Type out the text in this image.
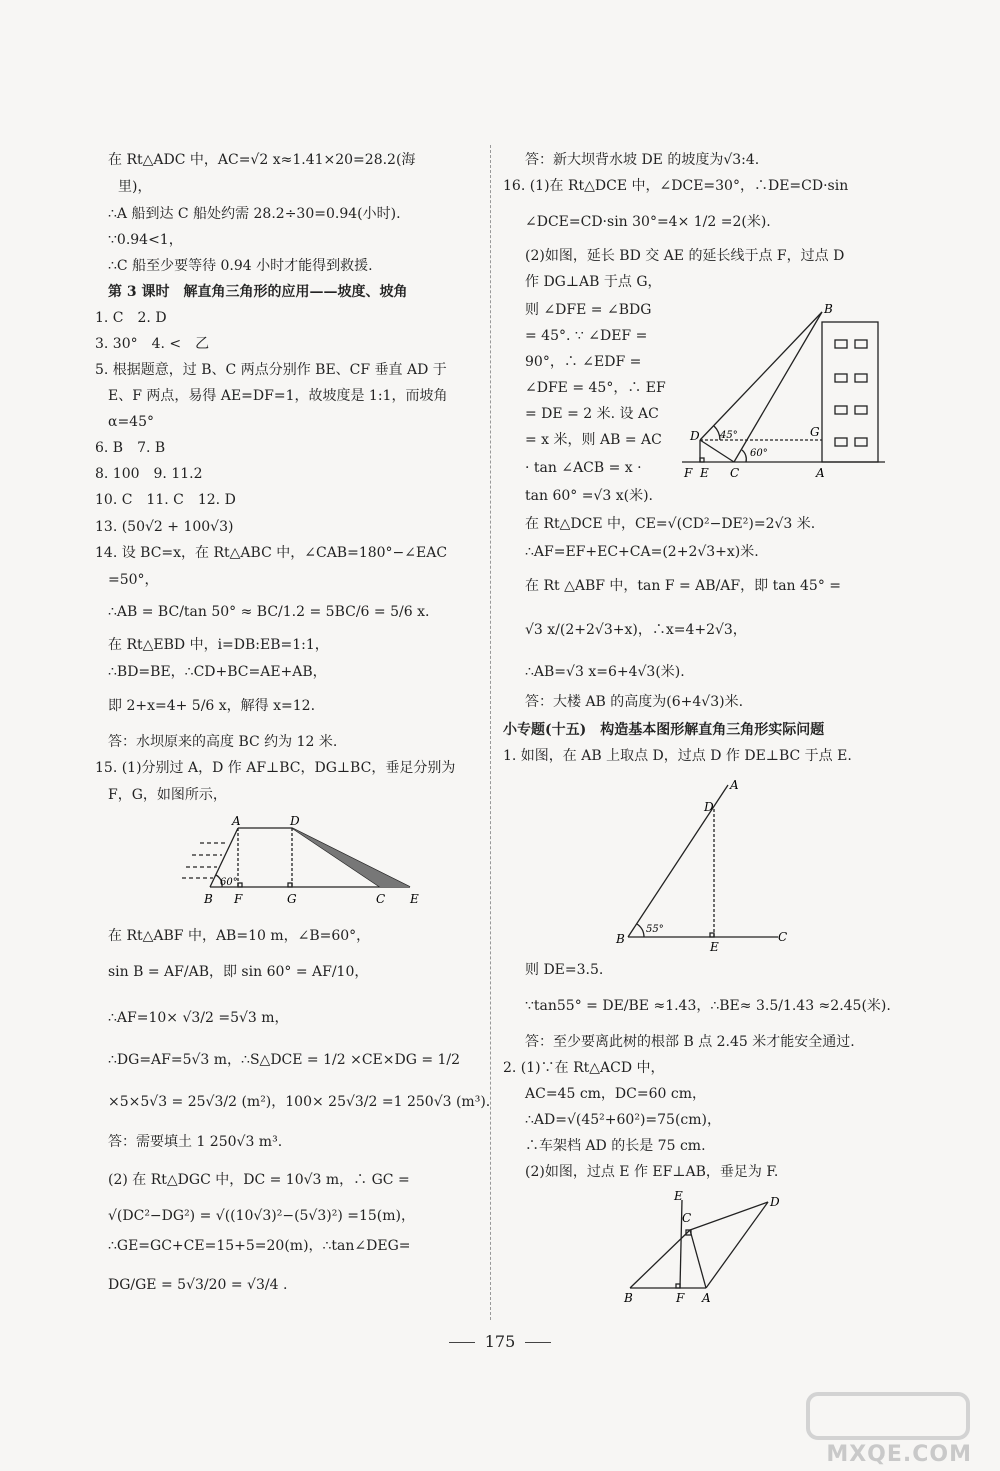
在 Rt△ADC 中，AC=√2 x≈1.41×20=28.2(海
里)，
∴A 船到达 C 船处约需 28.2÷30=0.94(小时).
∵0.94<1，
∴C 船至少要等待 0.94 小时才能得到救援.
第 3 课时　解直角三角形的应用——坡度、坡角
1. C　2. D
3. 30°　4. <　乙
5. 根据题意，过 B、C 两点分别作 BE、CF 垂直 AD 于
E、F 两点，易得 AE=DF=1，故坡度是 1:1，而坡角
α=45°
6. B　7. B
8. 100　9. 11.2
10. C　11. C　12. D
13. (50√2 + 100√3)
14. 设 BC=x，在 Rt△ABC 中，∠CAB=180°−∠EAC
=50°，
∴AB = BC/tan 50° ≈ BC/1.2 = 5BC/6 = 5/6 x.
在 Rt△EBD 中，i=DB:EB=1:1，
∴BD=BE，∴CD+BC=AE+AB，
即 2+x=4+ 5/6 x，解得 x=12.
答：水坝原来的高度 BC 约为 12 米.
15. (1)分别过 A，D 作 AF⊥BC，DG⊥BC，垂足分别为
F，G，如图所示，
在 Rt△ABF 中，AB=10 m，∠B=60°，
sin B = AF/AB，即 sin 60° = AF/10，
∴AF=10× √3/2 =5√3 m，
∴DG=AF=5√3 m，∴S△DCE = 1/2 ×CE×DG = 1/2
×5×5√3 = 25√3/2 (m²)，100× 25√3/2 =1 250√3 (m³).
答：需要填土 1 250√3 m³.
(2) 在 Rt△DGC 中，DC = 10√3 m，∴ GC =
√(DC²−DG²) = √((10√3)²−(5√3)²) =15(m)，
∴GE=GC+CE=15+5=20(m)，∴tan∠DEG=
DG/GE = 5√3/20 = √3/4 .
答：新大坝背水坡 DE 的坡度为√3:4.
16. (1)在 Rt△DCE 中，∠DCE=30°，∴DE=CD·sin
∠DCE=CD·sin 30°=4× 1/2 =2(米).
(2)如图，延长 BD 交 AE 的延长线于点 F，过点 D
作 DG⊥AB 于点 G，
则 ∠DFE = ∠BDG
= 45°. ∵ ∠DEF =
90°，∴ ∠EDF =
∠DFE = 45°，∴ EF
= DE = 2 米. 设 AC
= x 米，则 AB = AC
· tan ∠ACB = x ·
tan 60° =√3 x(米).
在 Rt△DCE 中，CE=√(CD²−DE²)=2√3 米.
∴AF=EF+EC+CA=(2+2√3+x)米.
在 Rt △ABF 中，tan F = AB/AF，即 tan 45° =
√3 x/(2+2√3+x)，∴x=4+2√3，
∴AB=√3 x=6+4√3(米).
答：大楼 AB 的高度为(6+4√3)米.
小专题(十五)　构造基本图形解直角三角形实际问题
1. 如图，在 AB 上取点 D，过点 D 作 DE⊥BC 于点 E.
则 DE=3.5.
∵tan55° = DE/BE ≈1.43，∴BE≈ 3.5/1.43 ≈2.45(米).
答：至少要离此树的根部 B 点 2.45 米才能安全通过.
2. (1)∵在 Rt△ACD 中，
AC=45 cm，DC=60 cm，
∴AD=√(45²+60²)=75(cm)，
∴车架档 AD 的长是 75 cm.
(2)如图，过点 E 作 EF⊥AB，垂足为 F.
A	D
B F	G	C E
60°
B
D	G
F E C	A
45°
60°
A
D
B
E
C
55°
E
C
D
B	F A
175
MXQE.COM
